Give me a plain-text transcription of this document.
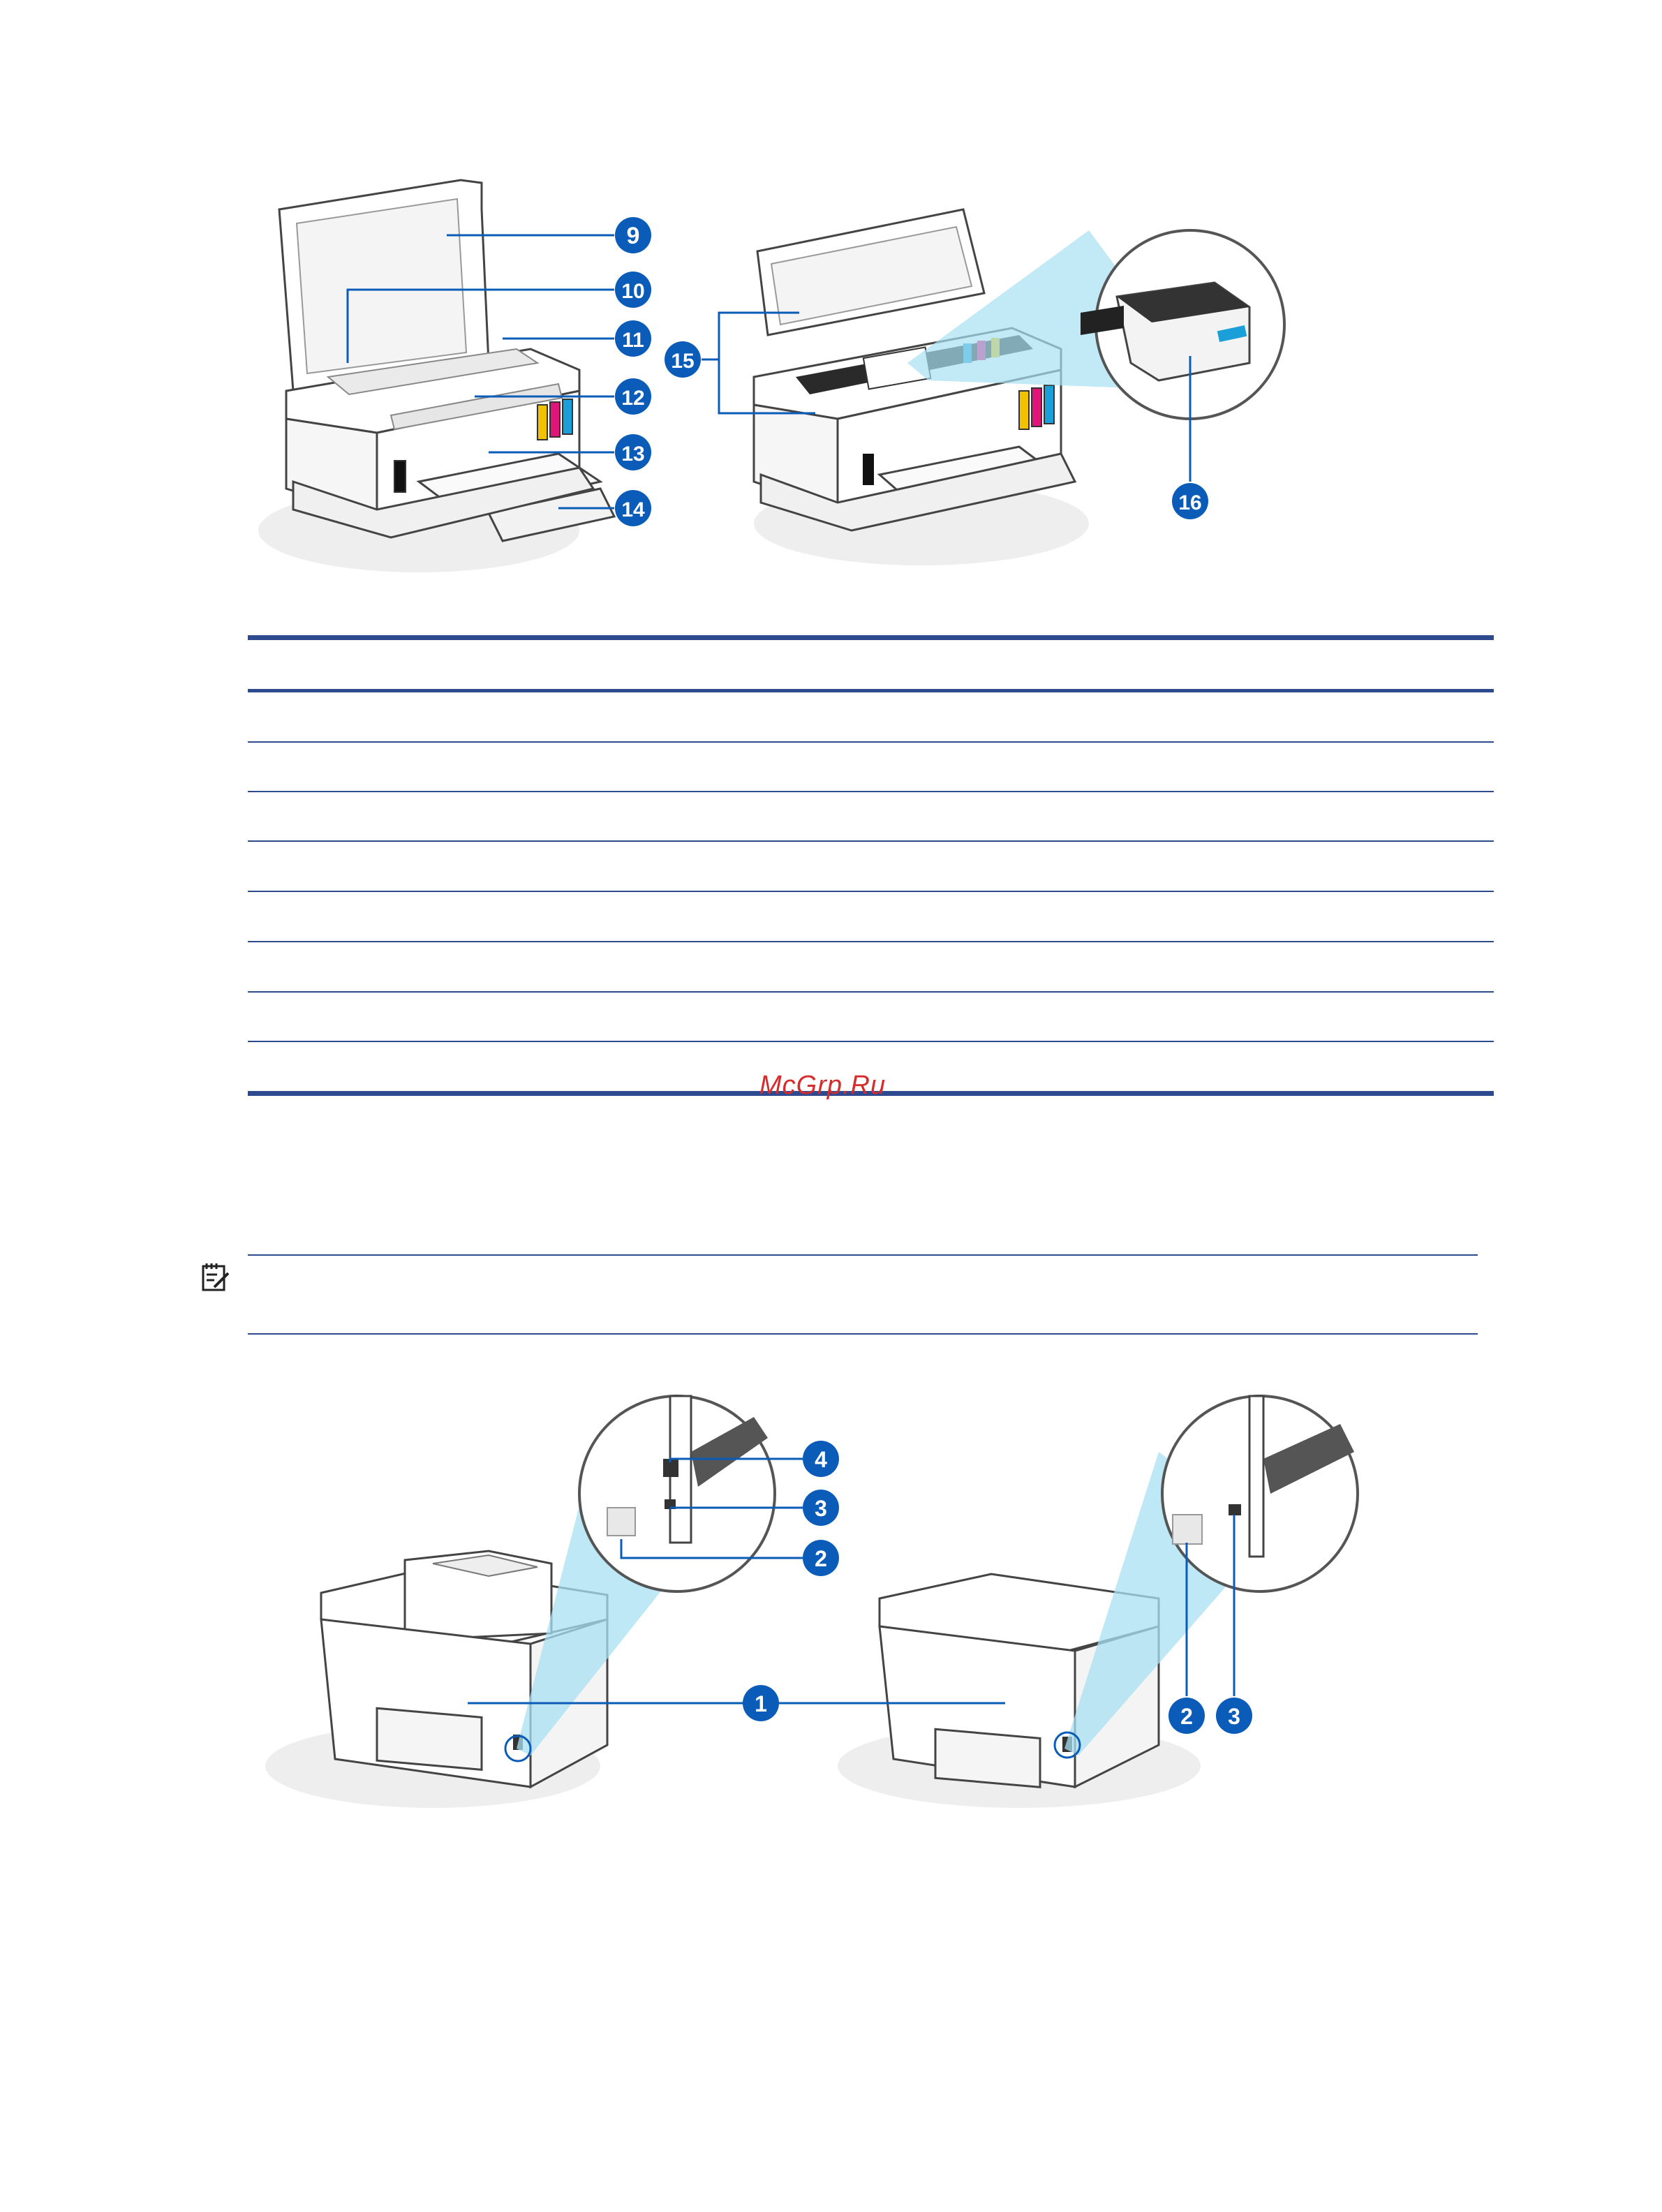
9
10
11
12
13
14
15
16
McGrp.Ru
4
3
2
1	2 3
